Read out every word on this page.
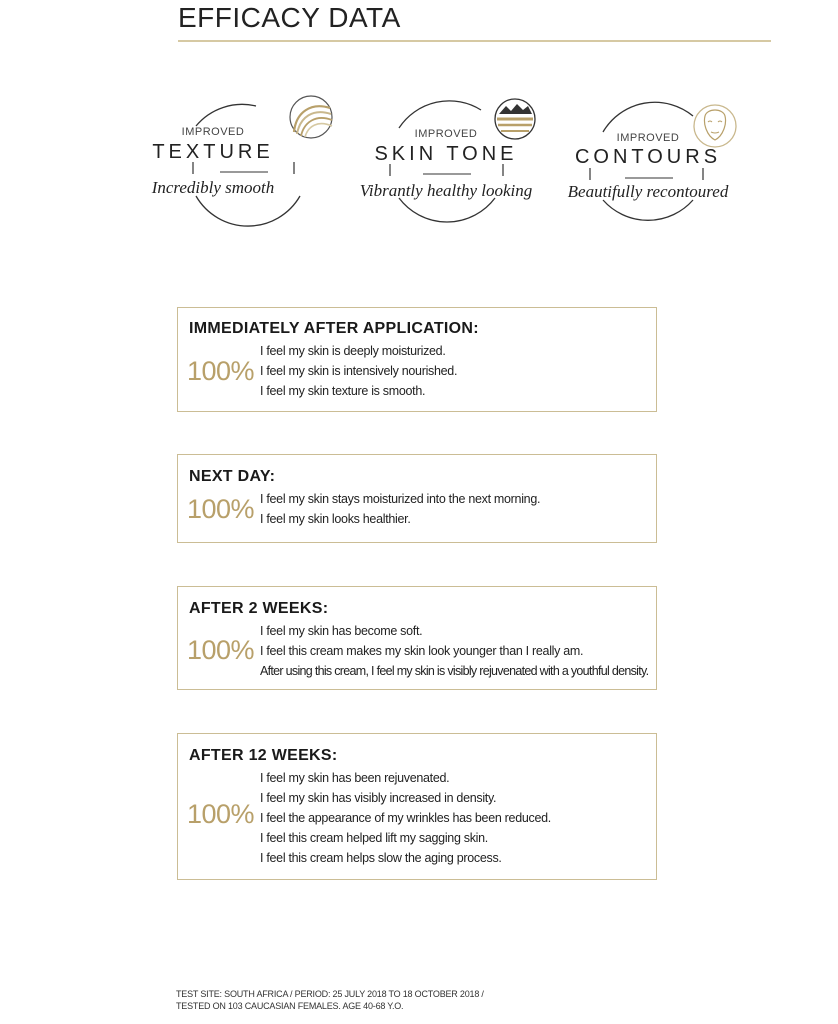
EFFICACY DATA
IMPROVED
TEXTURE
Incredibly smooth
IMPROVED
SKIN TONE
Vibrantly healthy looking
IMPROVED
CONTOURS
Beautifully recontoured
IMMEDIATELY AFTER APPLICATION:
100%
I feel my skin is deeply moisturized.
I feel my skin is intensively nourished.
I feel my skin texture is smooth.
NEXT DAY:
100% I feel my skin stays moisturized into the next morning.
I feel my skin looks healthier.
AFTER 2 WEEKS:
100%
I feel my skin has become soft.
I feel this cream makes my skin look younger than I really am.
After using this cream, I feel my skin is visibly rejuvenated with a youthful density.
AFTER 12 WEEKS:
100%
I feel my skin has been rejuvenated.
I feel my skin has visibly increased in density.
I feel the appearance of my wrinkles has been reduced.
I feel this cream helped lift my sagging skin.
I feel this cream helps slow the aging process.
TEST SITE: SOUTH AFRICA / PERIOD: 25 JULY 2018 TO 18 OCTOBER 2018 /
TESTED ON 103 CAUCASIAN FEMALES. AGE 40-68 Y.O.
